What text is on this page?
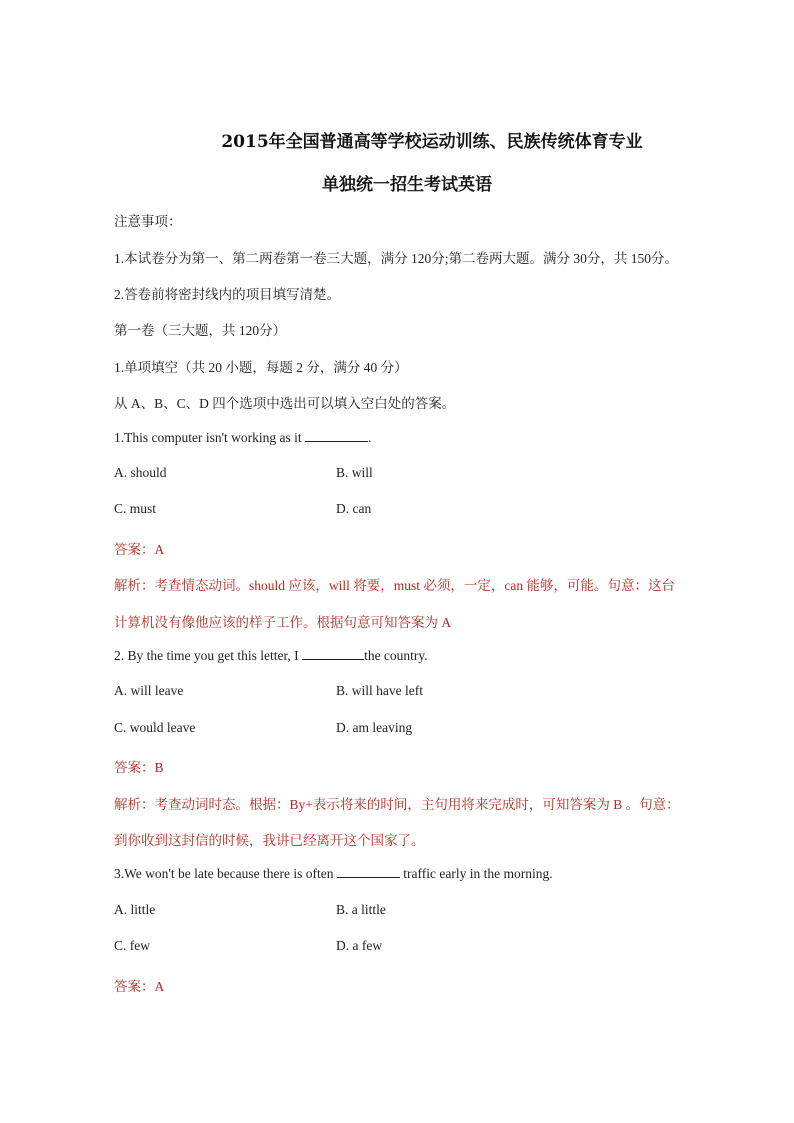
2015年全国普通高等学校运动训练、民族传统体育专业
单独统一招生考试英语
注意事项：
1.本试卷分为第一、第二两卷第一卷三大题，满分 120分;第二卷两大题。满分 30分，共 150分。
2.答卷前将密封线内的项目填写清楚。
第一卷（三大题，共 120分）
1.单项填空（共 20 小题，每题 2 分，满分 40 分）
从 A、B、C、D 四个选项中选出可以填入空白处的答案。
1.This computer isn't working as it	.
A. should	B. will
C. must	D. can
答案：A
解析：考查情态动词。should 应该，will 将要，must 必须，一定，can 能够，可能。句意：这台
计算机没有像他应该的样子工作。根据句意可知答案为 A
2. By the time you get this letter, I	the country.
A. will leave	B. will have left
C. would leave	D. am leaving
答案：B
解析：考查动词时态。根据：By+表示将来的时间，主句用将来完成时，可知答案为 B 。句意：
到你收到这封信的时候，我讲已经离开这个国家了。
3.We won't be late because there is often	traffic early in the morning.
A. little	B. a little
C. few	D. a few
答案：A
